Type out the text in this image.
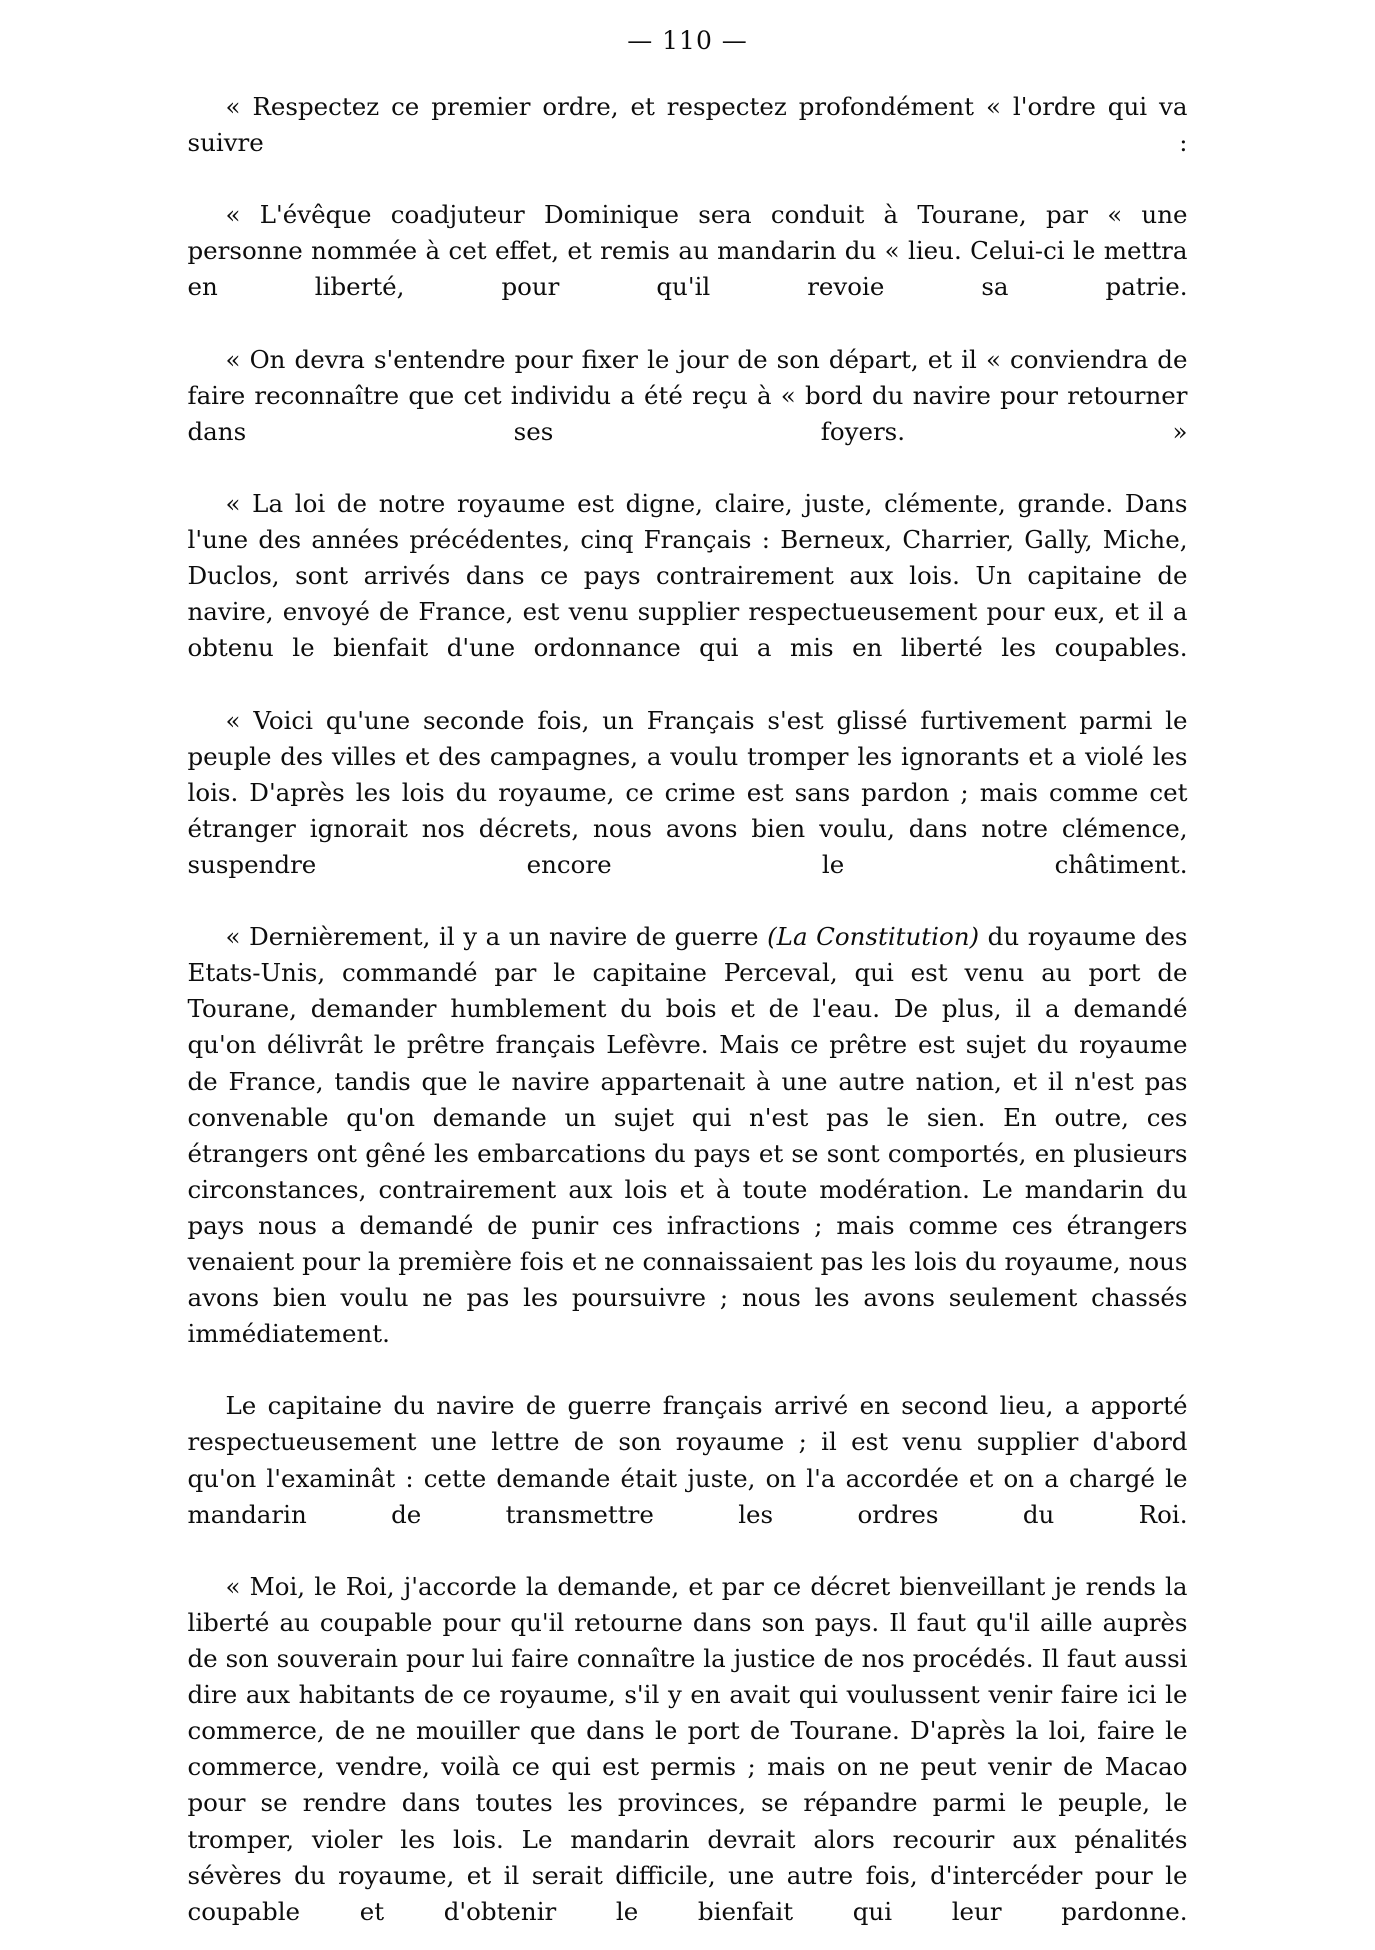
— 110 —

« Respectez ce premier ordre, et respectez profondément « l'ordre qui va suivre :

« L'évêque coadjuteur Dominique sera conduit à Tourane, par « une personne nommée à cet effet, et remis au mandarin du « lieu. Celui-ci le mettra en liberté, pour qu'il revoie sa patrie.

« On devra s'entendre pour fixer le jour de son départ, et il « conviendra de faire reconnaître que cet individu a été reçu à « bord du navire pour retourner dans ses foyers. »

« La loi de notre royaume est digne, claire, juste, clémente, grande. Dans l'une des années précédentes, cinq Français : Berneux, Charrier, Gally, Miche, Duclos, sont arrivés dans ce pays contrairement aux lois. Un capitaine de navire, envoyé de France, est venu supplier respectueusement pour eux, et il a obtenu le bienfait d'une ordonnance qui a mis en liberté les coupables.

« Voici qu'une seconde fois, un Français s'est glissé furtivement parmi le peuple des villes et des campagnes, a voulu tromper les ignorants et a violé les lois. D'après les lois du royaume, ce crime est sans pardon ; mais comme cet étranger ignorait nos décrets, nous avons bien voulu, dans notre clémence, suspendre encore le châtiment.

« Dernièrement, il y a un navire de guerre (La Constitution) du royaume des Etats-Unis, commandé par le capitaine Perceval, qui est venu au port de Tourane, demander humblement du bois et de l'eau. De plus, il a demandé qu'on délivrât le prêtre français Lefèvre. Mais ce prêtre est sujet du royaume de France, tandis que le navire appartenait à une autre nation, et il n'est pas convenable qu'on demande un sujet qui n'est pas le sien. En outre, ces étrangers ont gêné les embarcations du pays et se sont comportés, en plusieurs circonstances, contrairement aux lois et à toute modération. Le mandarin du pays nous a demandé de punir ces infractions ; mais comme ces étrangers venaient pour la première fois et ne connaissaient pas les lois du royaume, nous avons bien voulu ne pas les poursuivre ; nous les avons seulement chassés immédiatement.

Le capitaine du navire de guerre français arrivé en second lieu, a apporté respectueusement une lettre de son royaume ; il est venu supplier d'abord qu'on l'examinât : cette demande était juste, on l'a accordée et on a chargé le mandarin de transmettre les ordres du Roi.

« Moi, le Roi, j'accorde la demande, et par ce décret bienveillant je rends la liberté au coupable pour qu'il retourne dans son pays. Il faut qu'il aille auprès de son souverain pour lui faire connaître la justice de nos procédés. Il faut aussi dire aux habitants de ce royaume, s'il y en avait qui voulussent venir faire ici le commerce, de ne mouiller que dans le port de Tourane. D'après la loi, faire le commerce, vendre, voilà ce qui est permis ; mais on ne peut venir de Macao pour se rendre dans toutes les provinces, se répandre parmi le peuple, le tromper, violer les lois. Le mandarin devrait alors recourir aux pénalités sévères du royaume, et il serait difficile, une autre fois, d'intercéder pour le coupable et d'obtenir le bienfait qui leur pardonne.
